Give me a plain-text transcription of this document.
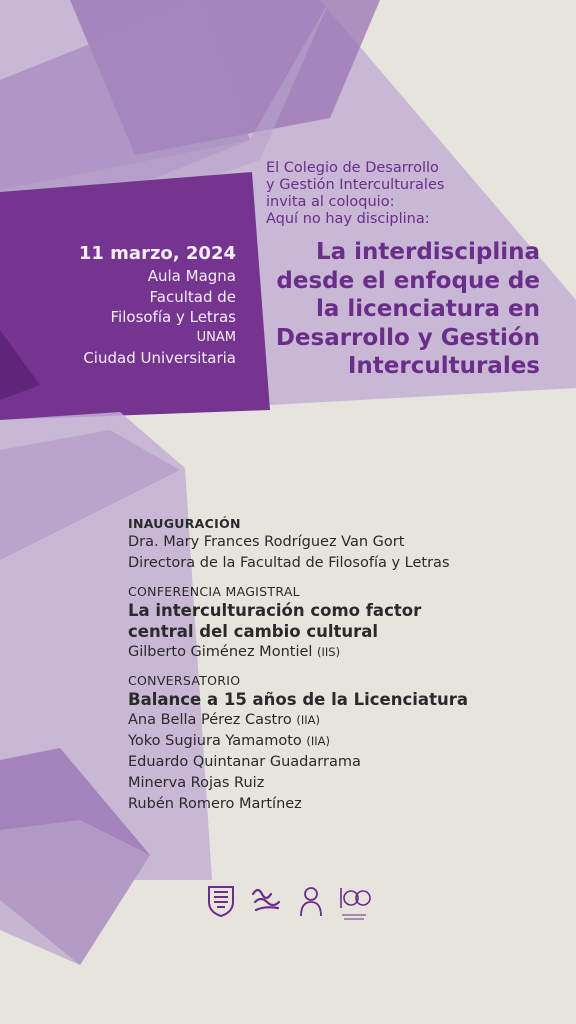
El Colegio de Desarrollo
y Gestión Interculturales
invita al coloquio:
Aquí no hay disciplina:
La interdisciplina
desde el enfoque de
la licenciatura en
Desarrollo y Gestión
Interculturales
11 marzo, 2024
Aula Magna
Facultad de
Filosofía y Letras
UNAM
Ciudad Universitaria
INAUGURACIÓN
Dra. Mary Frances Rodríguez Van Gort
Directora de la Facultad de Filosofía y Letras
CONFERENCIA MAGISTRAL
La interculturación como factor
central del cambio cultural
Gilberto Giménez Montiel (IIS)
CONVERSATORIO
Balance a 15 años de la Licenciatura
Ana Bella Pérez Castro (IIA)
Yoko Sugiura Yamamoto (IIA)
Eduardo Quintanar Guadarrama
Minerva Rojas Ruiz
Rubén Romero Martínez
